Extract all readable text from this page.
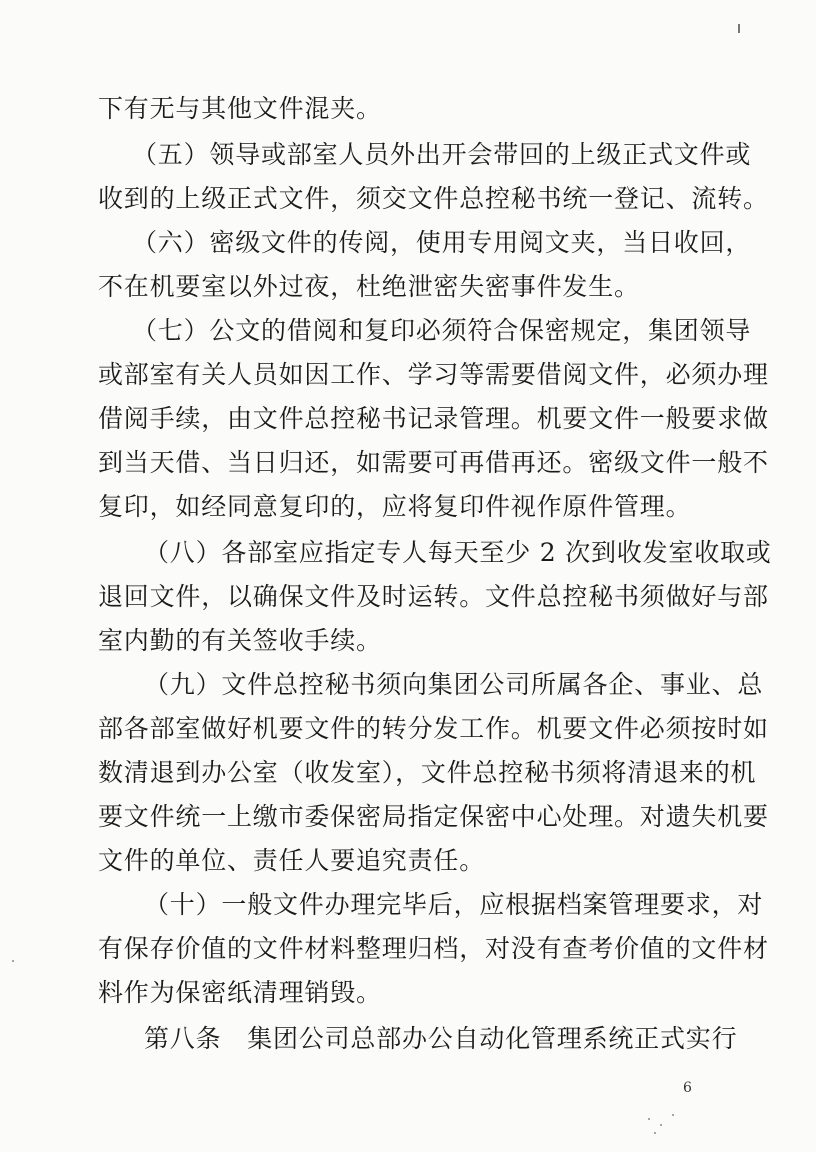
下有无与其他文件混夹。
（五）领导或部室人员外出开会带回的上级正式文件或
收到的上级正式文件，须交文件总控秘书统一登记、流转。
（六）密级文件的传阅，使用专用阅文夹，当日收回，
不在机要室以外过夜，杜绝泄密失密事件发生。
（七）公文的借阅和复印必须符合保密规定，集团领导
或部室有关人员如因工作、学习等需要借阅文件，必须办理
借阅手续，由文件总控秘书记录管理。机要文件一般要求做
到当天借、当日归还，如需要可再借再还。密级文件一般不
复印，如经同意复印的，应将复印件视作原件管理。
（八）各部室应指定专人每天至少 2 次到收发室收取或
退回文件，以确保文件及时运转。文件总控秘书须做好与部
室内勤的有关签收手续。
（九）文件总控秘书须向集团公司所属各企、事业、总
部各部室做好机要文件的转分发工作。机要文件必须按时如
数清退到办公室（收发室），文件总控秘书须将清退来的机
要文件统一上缴市委保密局指定保密中心处理。对遗失机要
文件的单位、责任人要追究责任。
（十）一般文件办理完毕后，应根据档案管理要求，对
有保存价值的文件材料整理归档，对没有查考价值的文件材
料作为保密纸清理销毁。
第八条　集团公司总部办公自动化管理系统正式实行
6
